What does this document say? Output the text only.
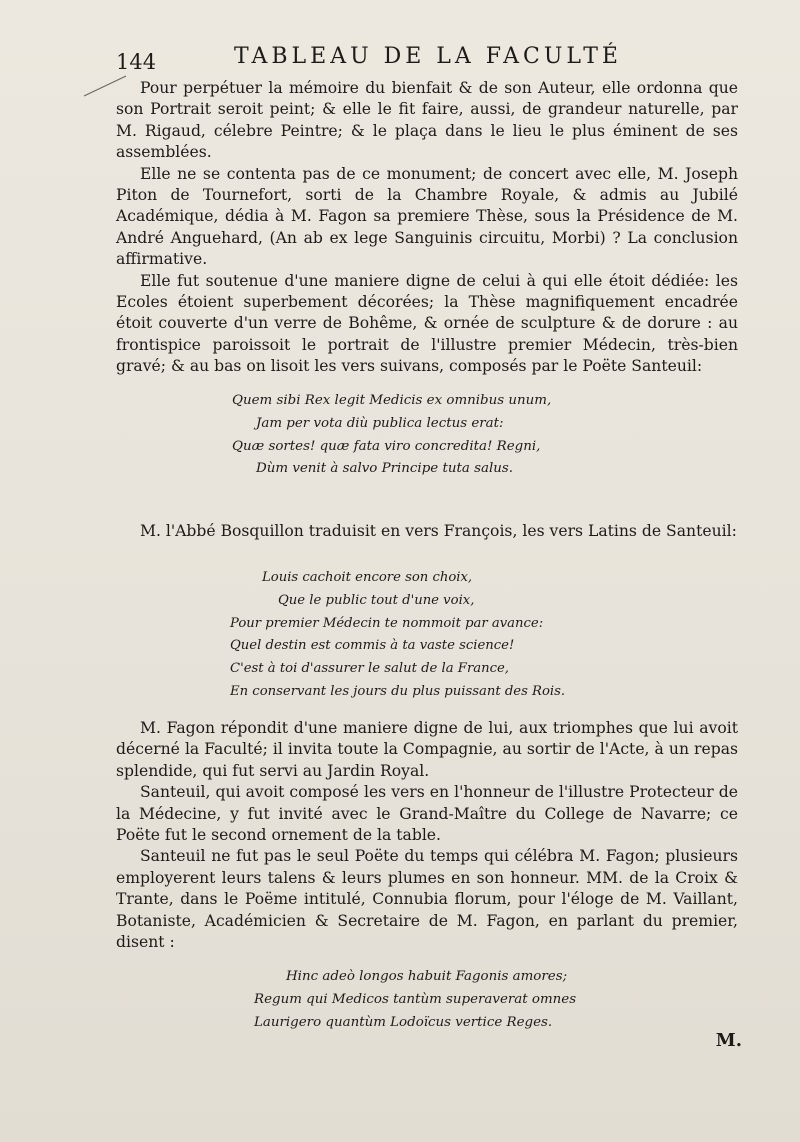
144	TABLEAU DE LA FACULTÉ

Pour perpétuer la mémoire du bienfait & de son Auteur, elle ordonna que son Portrait seroit peint; & elle le fit faire, aussi, de grandeur naturelle, par M. Rigaud, célebre Peintre; & le plaça dans le lieu le plus éminent de ses assemblées.

Elle ne se contenta pas de ce monument; de concert avec elle, M. Joseph Piton de Tournefort, sorti de la Chambre Royale, & admis au Jubilé Académique, dédia à M. Fagon sa premiere Thèse, sous la Présidence de M. André Anguehard, (An ab ex lege Sanguinis circuitu, Morbi) ? La conclusion affirmative.

Elle fut soutenue d'une maniere digne de celui à qui elle étoit dédiée: les Ecoles étoient superbement décorées; la Thèse magnifiquement encadrée étoit couverte d'un verre de Bohême, & ornée de sculpture & de dorure : au frontispice paroissoit le portrait de l'illustre premier Médecin, très-bien gravé; & au bas on lisoit les vers suivans, composés par le Poëte Santeuil:

Quem sibi Rex legit Medicis ex omnibus unum,
Jam per vota diù publica lectus erat:
Quæ sortes! quæ fata viro concredita! Regni,
Dùm venit à salvo Principe tuta salus.

M. l'Abbé Bosquillon traduisit en vers François, les vers Latins de Santeuil:

Louis cachoit encore son choix,
Que le public tout d'une voix,
Pour premier Médecin te nommoit par avance:
Quel destin est commis à ta vaste science!
C'est à toi d'assurer le salut de la France,
En conservant les jours du plus puissant des Rois.

M. Fagon répondit d'une maniere digne de lui, aux triomphes que lui avoit décerné la Faculté; il invita toute la Compagnie, au sortir de l'Acte, à un repas splendide, qui fut servi au Jardin Royal.

Santeuil, qui avoit composé les vers en l'honneur de l'illustre Protecteur de la Médecine, y fut invité avec le Grand-Maître du College de Navarre; ce Poëte fut le second ornement de la table.

Santeuil ne fut pas le seul Poëte du temps qui célébra M. Fagon; plusieurs employerent leurs talens & leurs plumes en son honneur. MM. de la Croix & Trante, dans le Poëme intitulé, Connubia florum, pour l'éloge de M. Vaillant, Botaniste, Académicien & Secretaire de M. Fagon, en parlant du premier, disent :

Hinc adeò longos habuit Fagonis amores;
Regum qui Medicos tantùm superaverat omnes
Laurigero quantùm Lodoïcus vertice Reges.
M.
